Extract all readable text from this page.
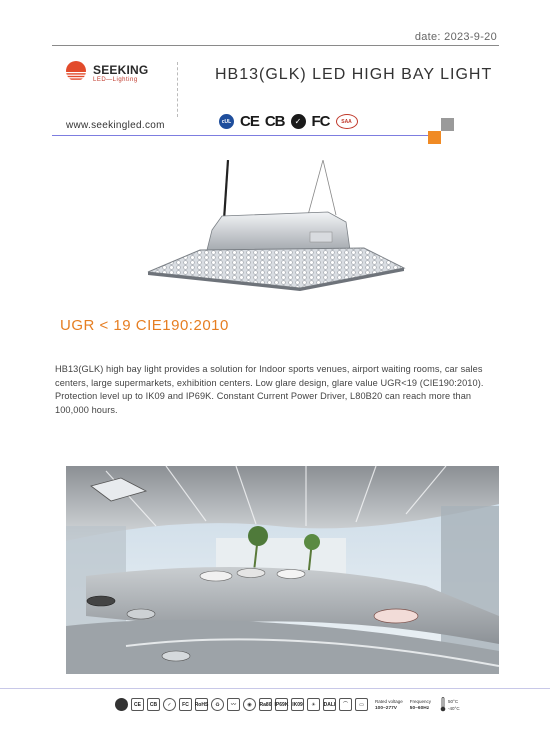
date: 2023-9-20
SEEKING
LED—Lighting	HB13(GLK) LED HIGH BAY LIGHT
cUL CE CB	✓ FC	SAA
www.seekingled.com
UGR < 19 CIE190:2010

HB13(GLK) high bay light provides a solution for Indoor sports venues, airport waiting rooms, car sales centers, large supermarkets, exhibition centers. Low glare design, glare value UGR<19 (CIE190:2010). Protection level up to IK09 and IP69K. Constant Current Power Driver, L80B20 can reach more than 100,000 hours.

CE	CB	✓	FC	RoHS	♻	〰	◉	Ra80 IP69K IK09	☀	DALI	⌒	▭
Rated voltage
100~277V
Frequency
50~60Hz
50°C
-40°C
